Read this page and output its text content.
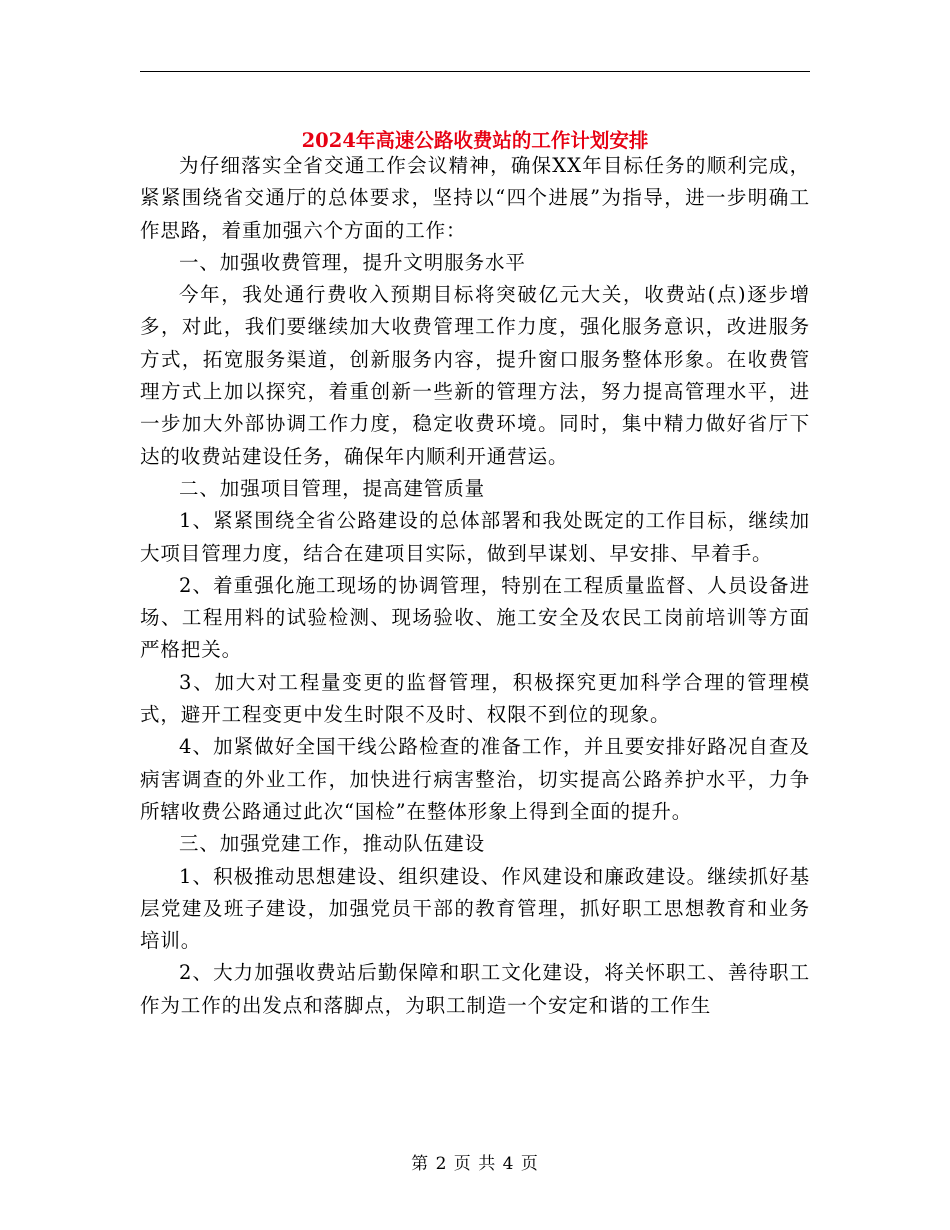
2024年高速公路收费站的工作计划安排

为仔细落实全省交通工作会议精神，确保XX年目标任务的顺利完成，紧紧围绕省交通厅的总体要求，坚持以“四个进展”为指导，进一步明确工作思路，着重加强六个方面的工作：

一、加强收费管理，提升文明服务水平

今年，我处通行费收入预期目标将突破亿元大关，收费站(点)逐步增多，对此，我们要继续加大收费管理工作力度，强化服务意识，改进服务方式，拓宽服务渠道，创新服务内容，提升窗口服务整体形象。在收费管理方式上加以探究，着重创新一些新的管理方法，努力提高管理水平，进一步加大外部协调工作力度，稳定收费环境。同时，集中精力做好省厅下达的收费站建设任务，确保年内顺利开通营运。

二、加强项目管理，提高建管质量

1、紧紧围绕全省公路建设的总体部署和我处既定的工作目标，继续加大项目管理力度，结合在建项目实际，做到早谋划、早安排、早着手。

2、着重强化施工现场的协调管理，特别在工程质量监督、人员设备进场、工程用料的试验检测、现场验收、施工安全及农民工岗前培训等方面严格把关。

3、加大对工程量变更的监督管理，积极探究更加科学合理的管理模式，避开工程变更中发生时限不及时、权限不到位的现象。

4、加紧做好全国干线公路检查的准备工作，并且要安排好路况自查及病害调查的外业工作，加快进行病害整治，切实提高公路养护水平，力争所辖收费公路通过此次“国检”在整体形象上得到全面的提升。

三、加强党建工作，推动队伍建设

1、积极推动思想建设、组织建设、作风建设和廉政建设。继续抓好基层党建及班子建设，加强党员干部的教育管理，抓好职工思想教育和业务培训。

2、大力加强收费站后勤保障和职工文化建设，将关怀职工、善待职工作为工作的出发点和落脚点，为职工制造一个安定和谐的工作生

第 2 页 共 4 页
